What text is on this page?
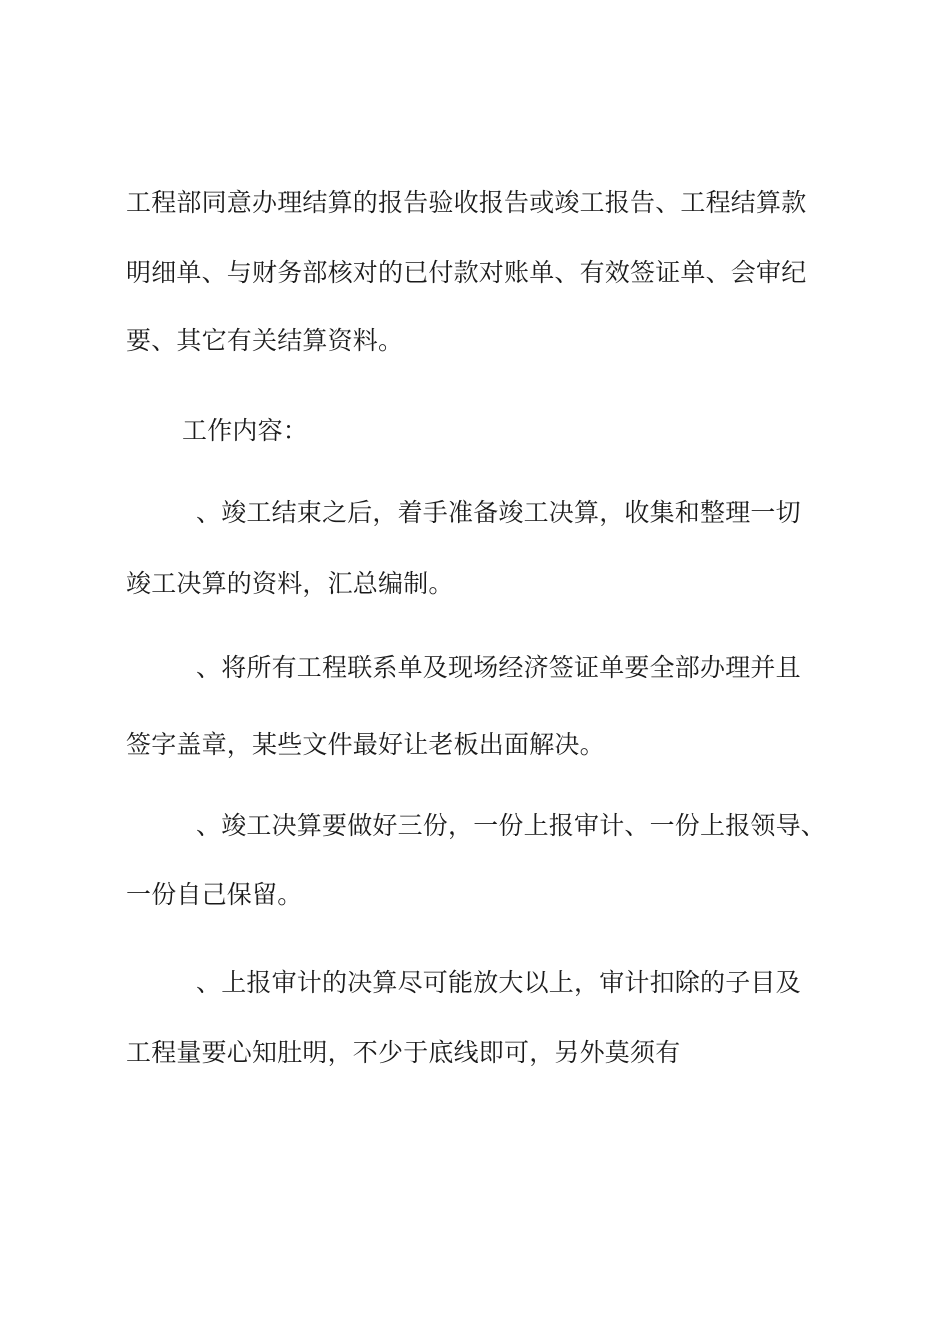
工程部同意办理结算的报告验收报告或竣工报告、工程结算款
明细单、与财务部核对的已付款对账单、有效签证单、会审纪
要、其它有关结算资料。
工作内容：
、竣工结束之后，着手准备竣工决算，收集和整理一切
竣工决算的资料，汇总编制。
、将所有工程联系单及现场经济签证单要全部办理并且
签字盖章，某些文件最好让老板出面解决。
、竣工决算要做好三份，一份上报审计、一份上报领导、
一份自己保留。
、上报审计的决算尽可能放大以上，审计扣除的子目及
工程量要心知肚明，不少于底线即可，另外莫须有
